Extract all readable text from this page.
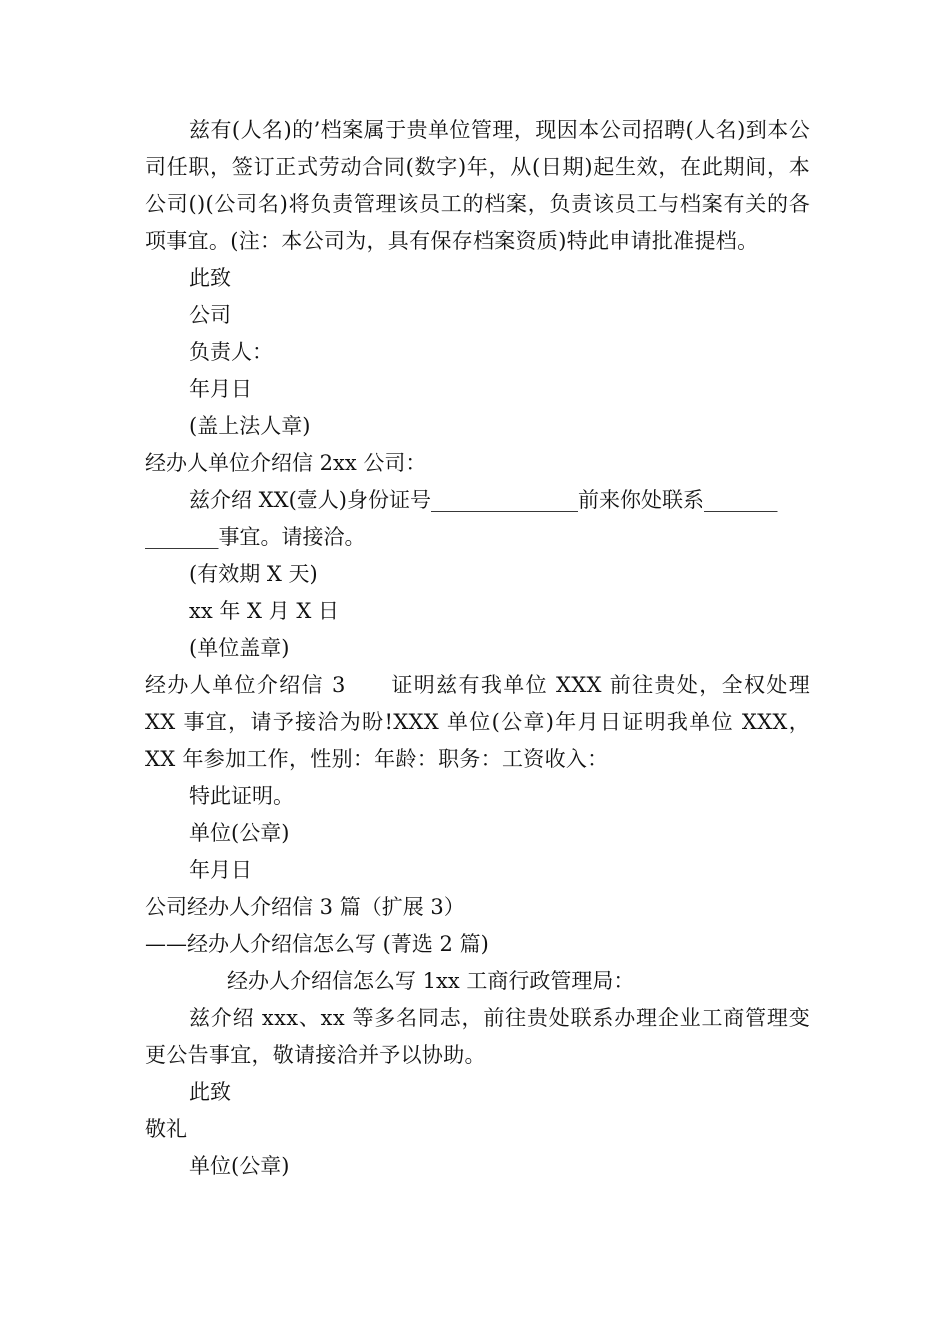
兹有(人名)的’档案属于贵单位管理，现因本公司招聘(人名)到本公司任职，签订正式劳动合同(数字)年，从(日期)起生效，在此期间，本公司()(公司名)将负责管理该员工的档案，负责该员工与档案有关的各项事宜。(注：本公司为，具有保存档案资质)特此申请批准提档。
此致
公司
负责人：
年月日
(盖上法人章)
经办人单位介绍信 2xx 公司：
兹介绍 XX(壹人)身份证号______________前来你处联系_______
_______事宜。请接洽。
(有效期 X 天)
xx 年 X 月 X 日
(单位盖章)
经办人单位介绍信 3　　证明兹有我单位 XXX 前往贵处，全权处理 XX 事宜，请予接洽为盼!XXX 单位(公章)年月日证明我单位 XXX，XX 年参加工作，性别：年龄：职务：工资收入：
特此证明。
单位(公章)
年月日
公司经办人介绍信 3 篇（扩展 3）
——经办人介绍信怎么写 (菁选 2 篇)
经办人介绍信怎么写 1xx 工商行政管理局：
兹介绍 xxx、xx 等多名同志，前往贵处联系办理企业工商管理变更公告事宜，敬请接洽并予以协助。
此致
敬礼
单位(公章)
